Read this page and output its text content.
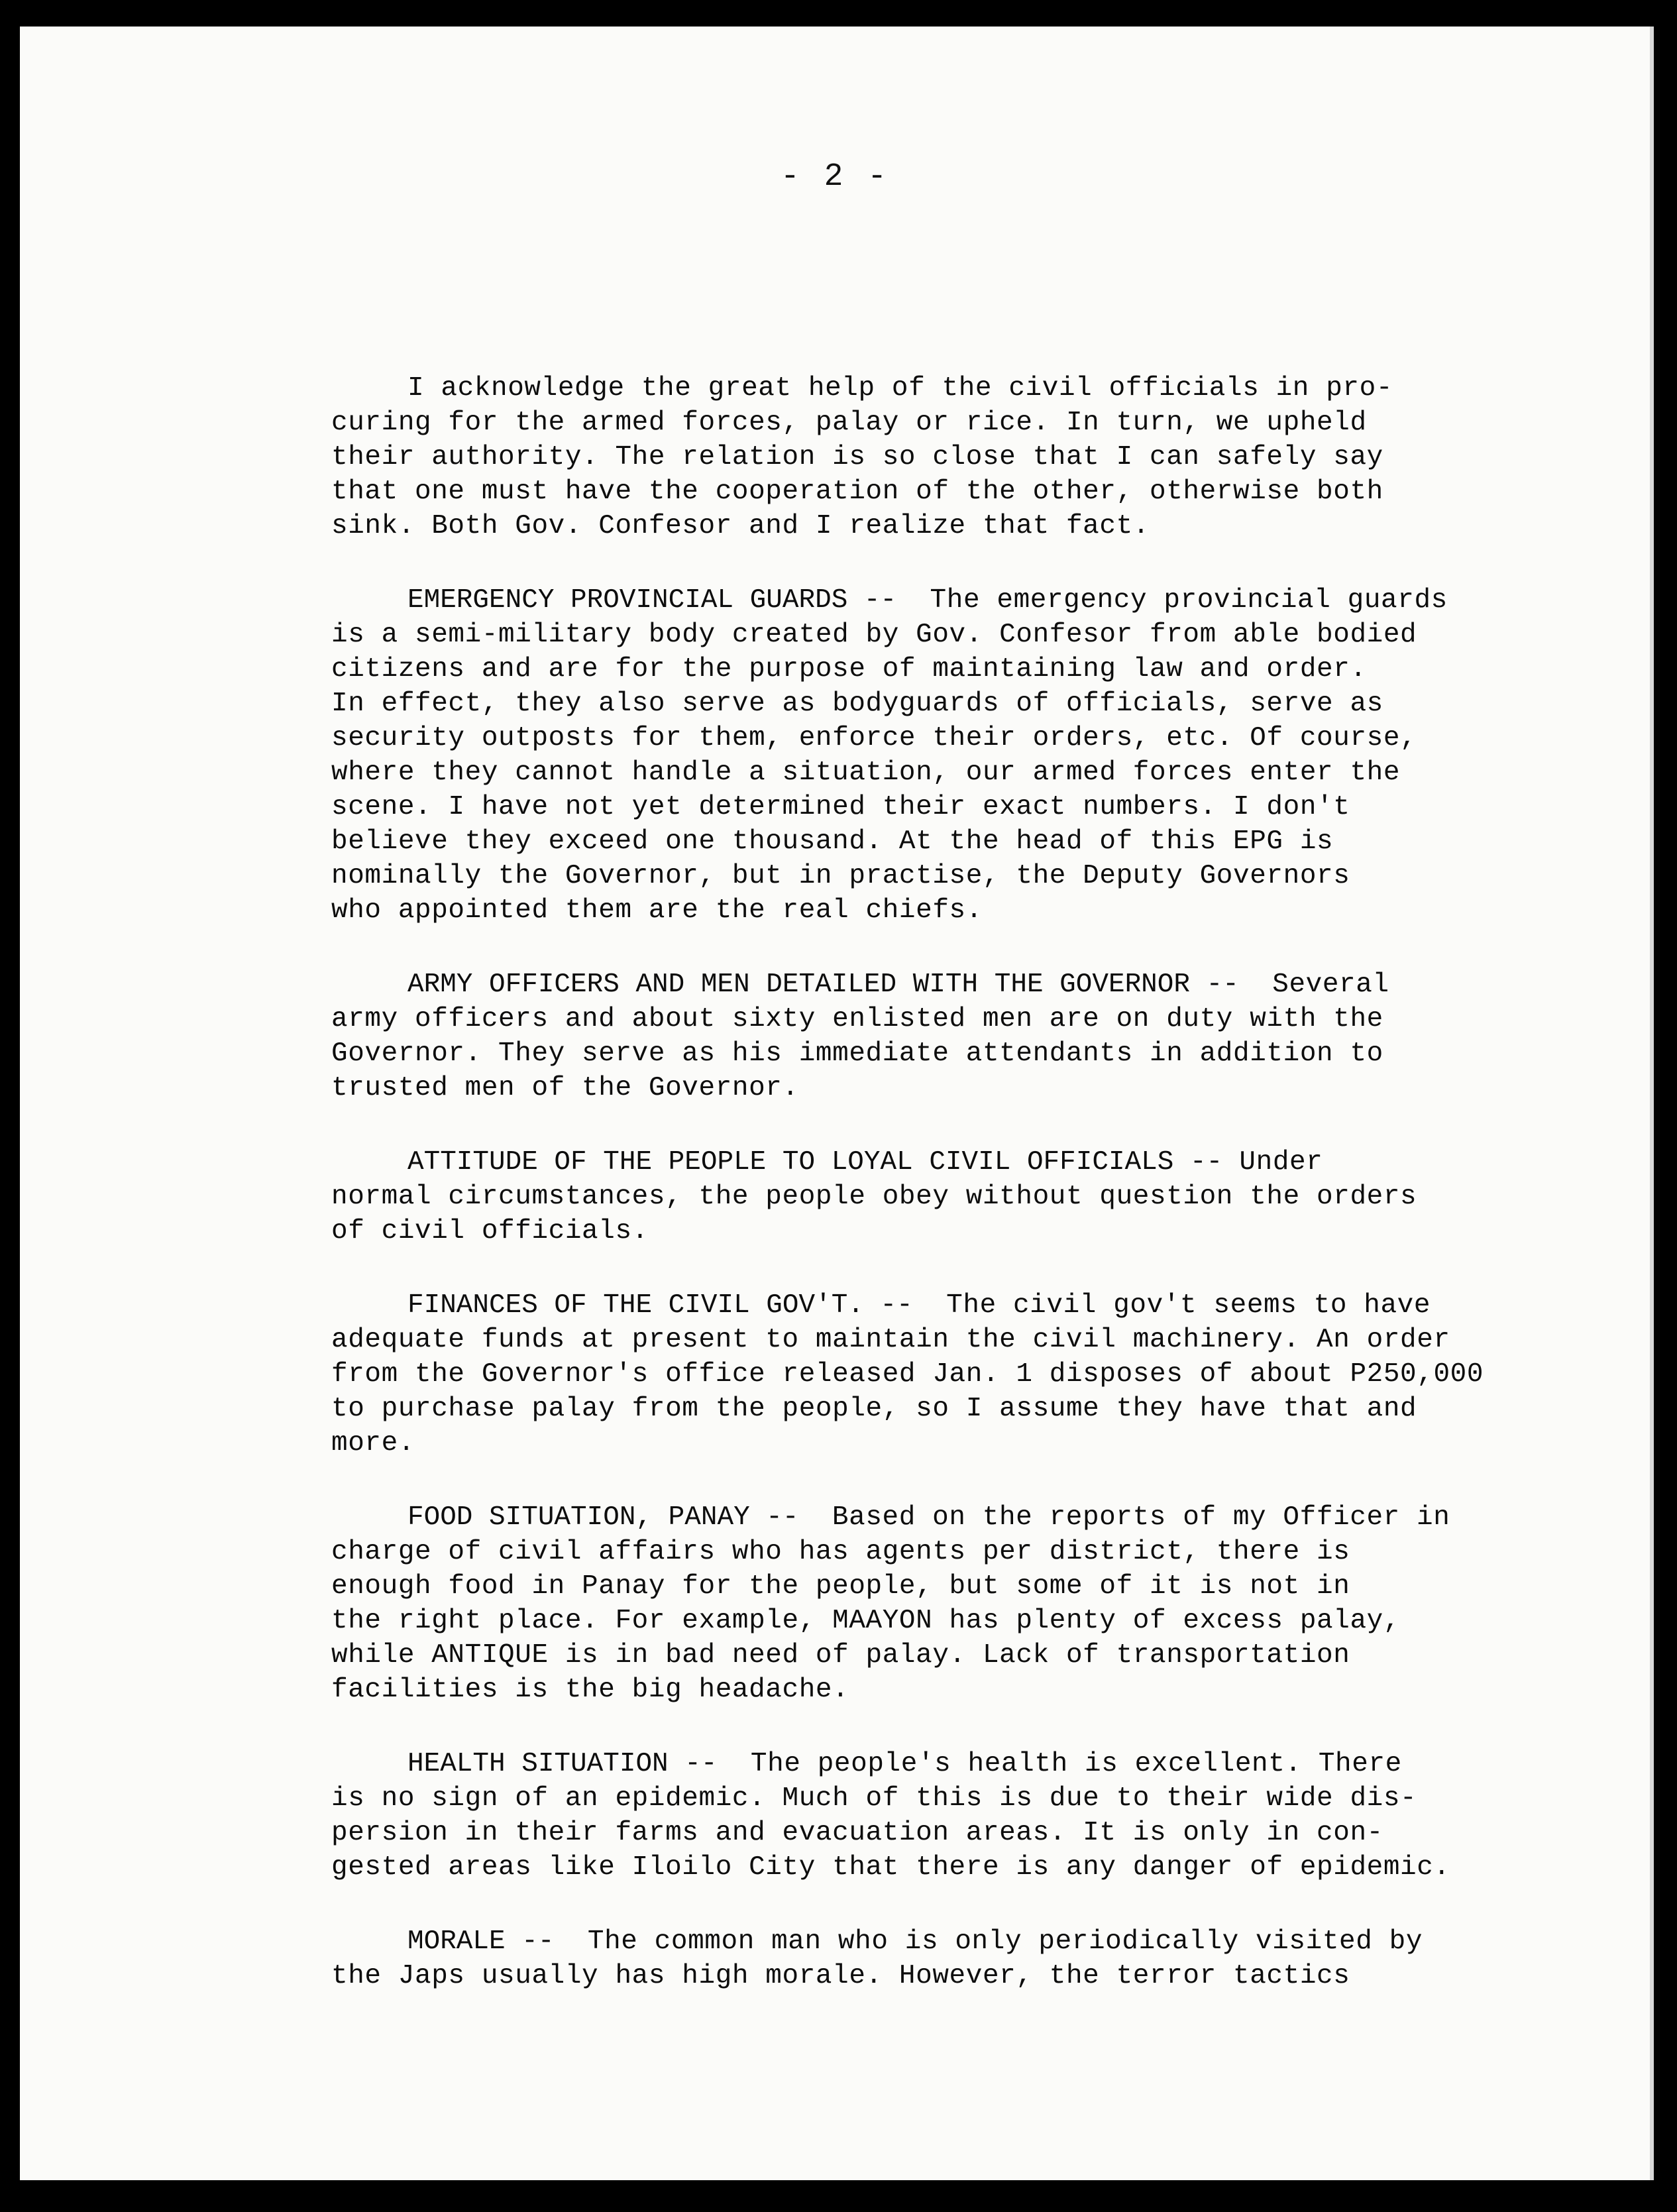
- 2 -
I acknowledge the great help of the civil officials in pro-
curing for the armed forces, palay or rice. In turn, we upheld
their authority. The relation is so close that I can safely say
that one must have the cooperation of the other, otherwise both
sink. Both Gov. Confesor and I realize that fact.
EMERGENCY PROVINCIAL GUARDS -- The emergency provincial guards
is a semi-military body created by Gov. Confesor from able bodied
citizens and are for the purpose of maintaining law and order.
In effect, they also serve as bodyguards of officials, serve as
security outposts for them, enforce their orders, etc. Of course,
where they cannot handle a situation, our armed forces enter the
scene. I have not yet determined their exact numbers. I don't
believe they exceed one thousand. At the head of this EPG is
nominally the Governor, but in practise, the Deputy Governors
who appointed them are the real chiefs.
ARMY OFFICERS AND MEN DETAILED WITH THE GOVERNOR -- Several
army officers and about sixty enlisted men are on duty with the
Governor. They serve as his immediate attendants in addition to
trusted men of the Governor.
ATTITUDE OF THE PEOPLE TO LOYAL CIVIL OFFICIALS -- Under
normal circumstances, the people obey without question the orders
of civil officials.
FINANCES OF THE CIVIL GOV'T. -- The civil gov't seems to have
adequate funds at present to maintain the civil machinery. An order
from the Governor's office released Jan. 1 disposes of about P250,000
to purchase palay from the people, so I assume they have that and
more.
FOOD SITUATION, PANAY -- Based on the reports of my Officer in
charge of civil affairs who has agents per district, there is
enough food in Panay for the people, but some of it is not in
the right place. For example, MAAYON has plenty of excess palay,
while ANTIQUE is in bad need of palay. Lack of transportation
facilities is the big headache.
HEALTH SITUATION -- The people's health is excellent. There
is no sign of an epidemic. Much of this is due to their wide dis-
persion in their farms and evacuation areas. It is only in con-
gested areas like Iloilo City that there is any danger of epidemic.
MORALE -- The common man who is only periodically visited by
the Japs usually has high morale. However, the terror tactics
